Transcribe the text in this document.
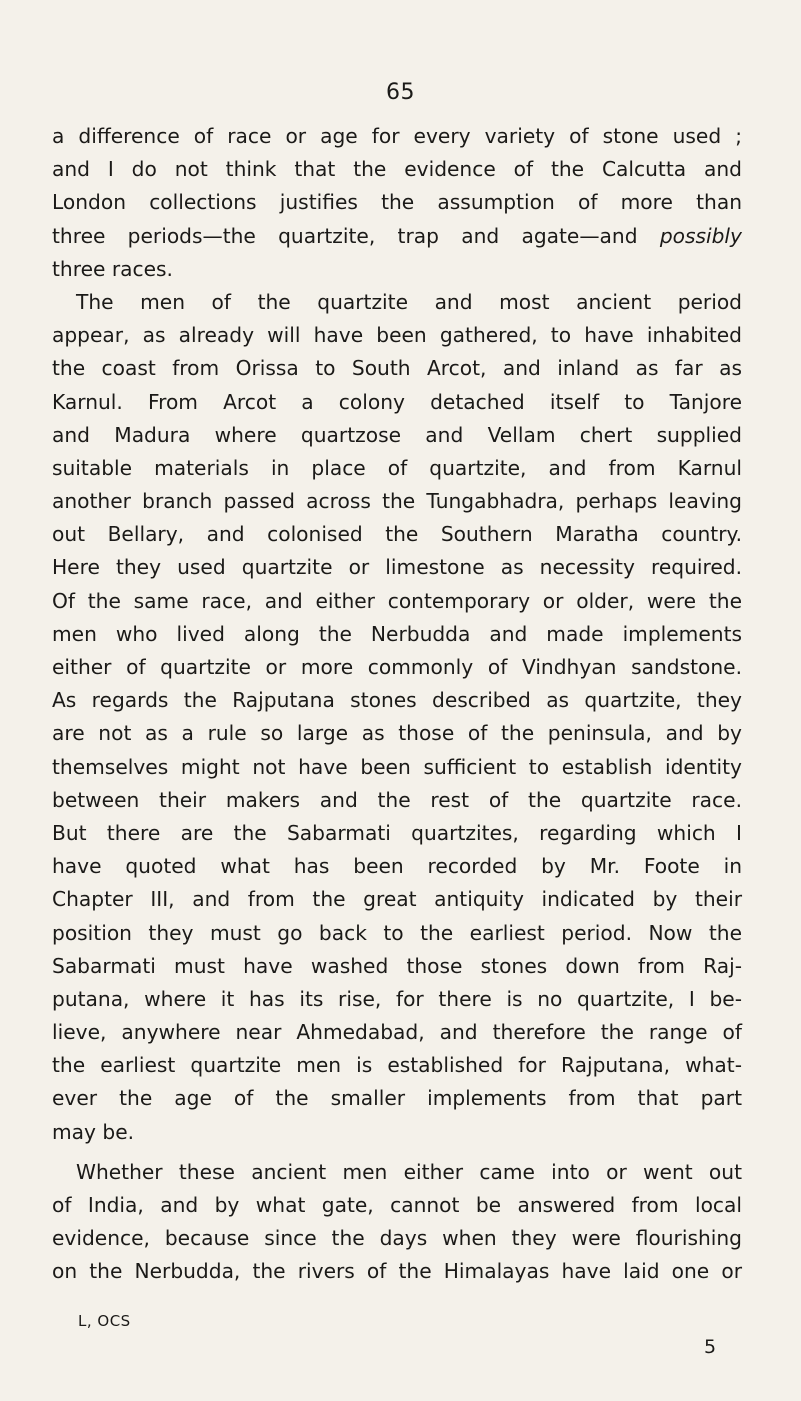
65
a difference of race or age for every variety of stone used ;
and I do not think that the evidence of the Calcutta and
London collections justifies the assumption of more than
three periods—the quartzite, trap and agate—and possibly
three races.
The men of the quartzite and most ancient period
appear, as already will have been gathered, to have inhabited
the coast from Orissa to South Arcot, and inland as far as
Karnul. From Arcot a colony detached itself to Tanjore
and Madura where quartzose and Vellam chert supplied
suitable materials in place of quartzite, and from Karnul
another branch passed across the Tungabhadra, perhaps leaving
out Bellary, and colonised the Southern Maratha country.
Here they used quartzite or limestone as necessity required.
Of the same race, and either contemporary or older, were the
men who lived along the Nerbudda and made implements
either of quartzite or more commonly of Vindhyan sandstone.
As regards the Rajputana stones described as quartzite, they
are not as a rule so large as those of the peninsula, and by
themselves might not have been sufficient to establish identity
between their makers and the rest of the quartzite race.
But there are the Sabarmati quartzites, regarding which I
have quoted what has been recorded by Mr. Foote in
Chapter III, and from the great antiquity indicated by their
position they must go back to the earliest period. Now the
Sabarmati must have washed those stones down from Raj-
putana, where it has its rise, for there is no quartzite, I be-
lieve, anywhere near Ahmedabad, and therefore the range of
the earliest quartzite men is established for Rajputana, what-
ever the age of the smaller implements from that part
may be.
Whether these ancient men either came into or went out
of India, and by what gate, cannot be answered from local
evidence, because since the days when they were flourishing
on the Nerbudda, the rivers of the Himalayas have laid one or
L, OCS
5
